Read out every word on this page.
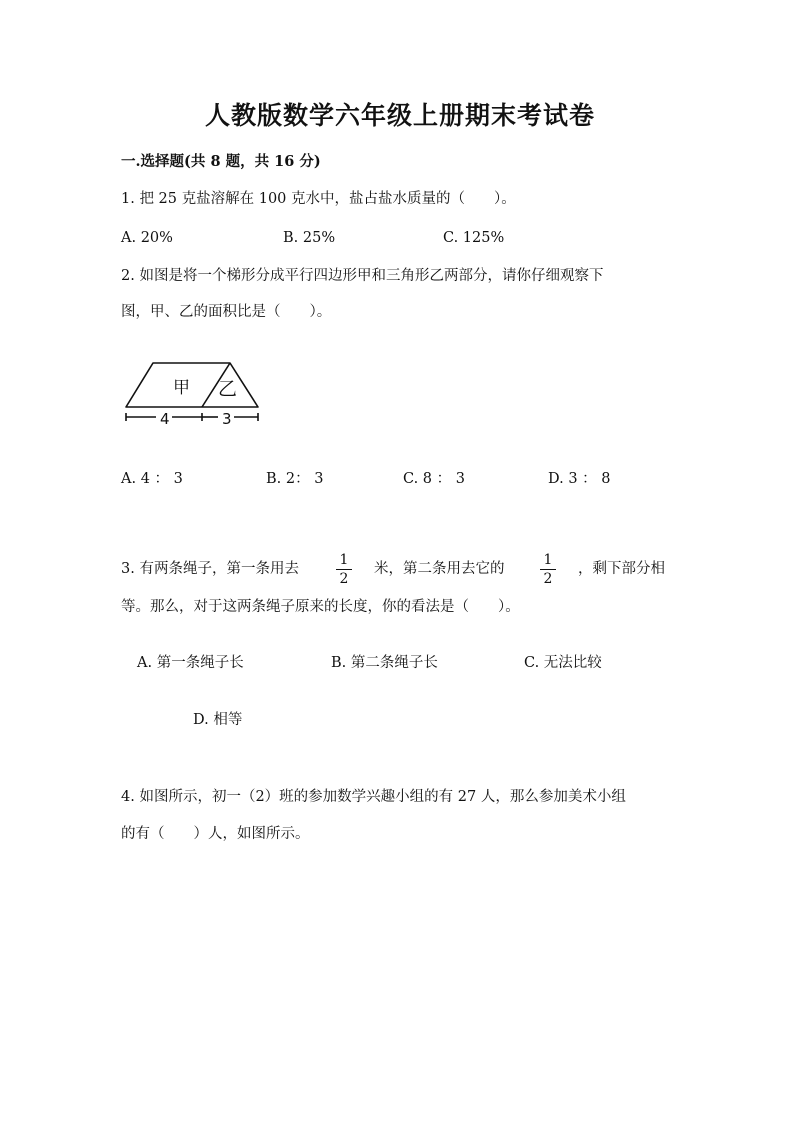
人教版数学六年级上册期末考试卷
一.选择题(共 8 题，共 16 分)
1. 把 25 克盐溶解在 100 克水中，盐占盐水质量的（　　）。
A. 20%	B. 25%	C. 125%
2. 如图是将一个梯形分成平行四边形甲和三角形乙两部分，请你仔细观察下
图，甲、乙的面积比是（　　）。
甲 乙
4	3
A. 4 ： 3	B. 2： 3	C. 8 ： 3	D. 3 ： 8
3. 有两条绳子，第一条用去
1
2
米，第二条用去它的
1
2
，剩下部分相
等。那么，对于这两条绳子原来的长度，你的看法是（　　）。
A. 第一条绳子长	B. 第二条绳子长	C. 无法比较
D. 相等
4. 如图所示，初一（2）班的参加数学兴趣小组的有 27 人，那么参加美术小组
的有（　　）人，如图所示。
